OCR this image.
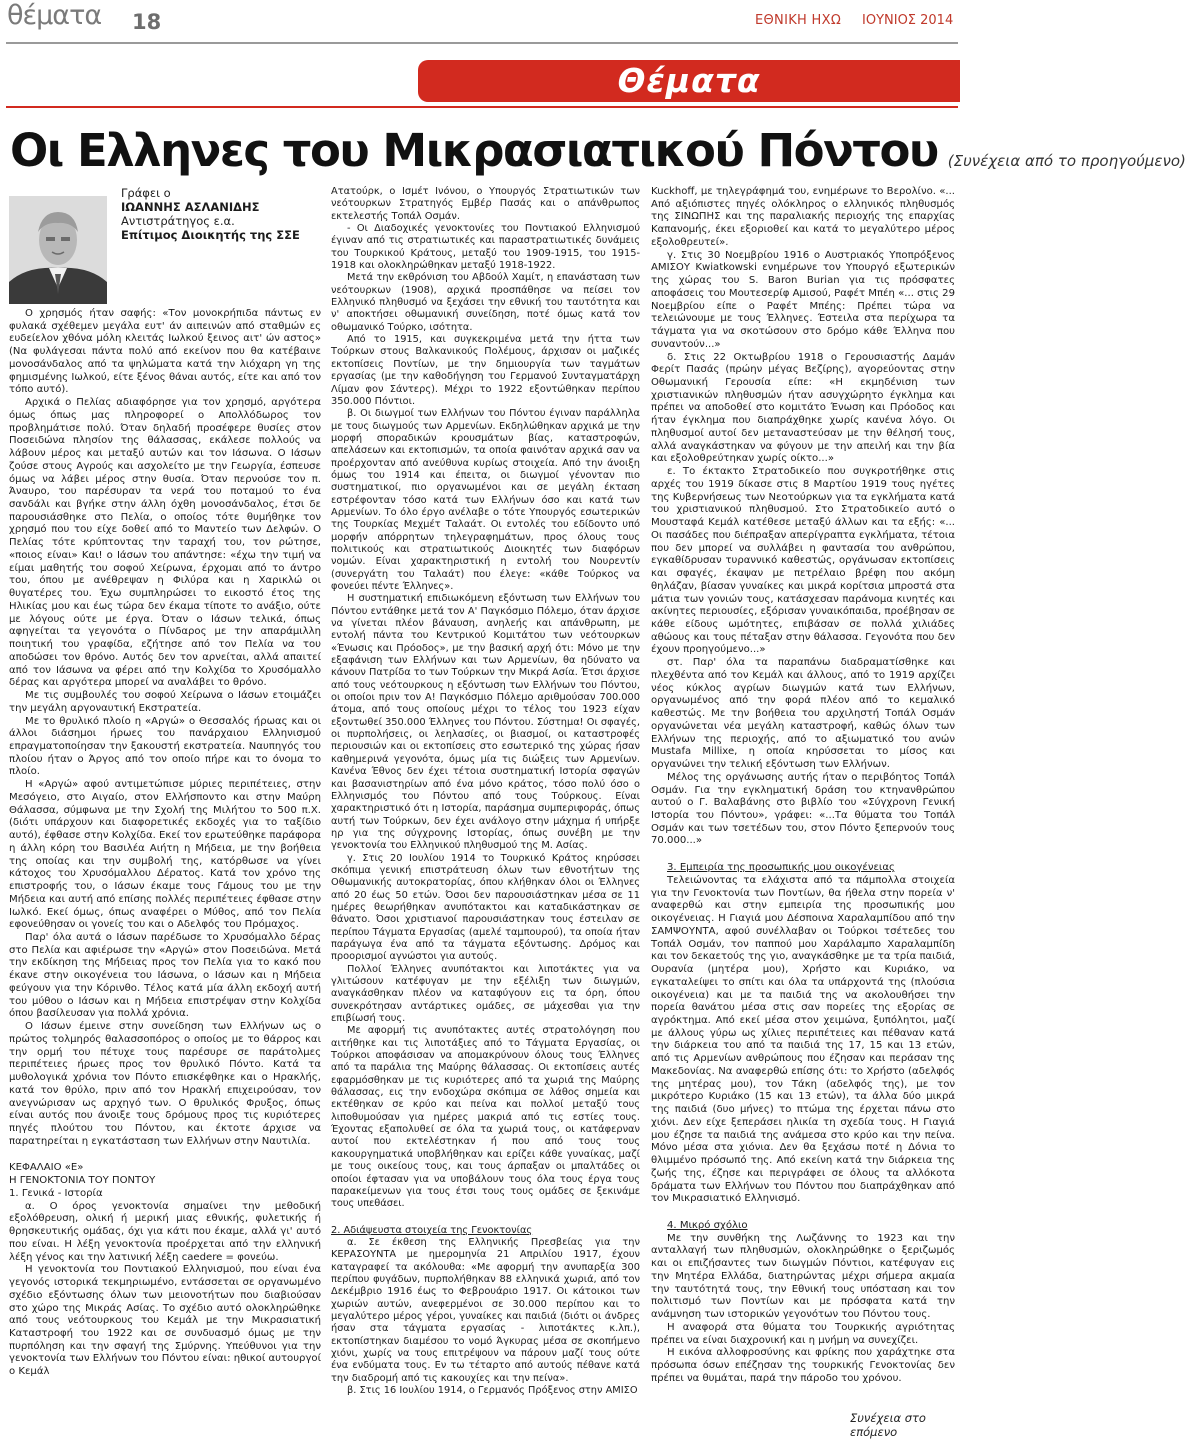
θέματα 18	ΕΘΝΙΚΗ ΗΧΩ ΙΟΥΝΙΟΣ 2014
Θέματα
Οι Ελληνες του Μικρασιατικού Πόντου (Συνέχεια από το προηγούμενο)
Γράφει ο
ΙΩΑΝΝΗΣ ΑΣΛΑΝΙΔΗΣ
Αντιστράτηγος ε.α.
Επίτιμος Διοικητής της ΣΣΕ

Ο χρησμός ήταν σαφής: «Τον μονοκρήπιδα πάντως εν φυλακά σχέθεμεν μεγάλα ευτ' άν αιπεινών από σταθμών ες ευδείελον χθόνα μόλη κλειτάς Ιωλκού ξεινος αιτ' ών αστος» (Να φυλάγεσαι πάντα πολύ από εκείνον που θα κατέβαινε μονοσάνδαλος από τα ψηλώματα κατά την λιόχαρη γη της φημισμένης Ιωλκού, είτε ξένος θάναι αυτός, είτε και από τον τόπο αυτό).

Αρχικά ο Πελίας αδιαφόρησε για τον χρησμό, αργότερα όμως όπως μας πληροφορεί ο Απολλόδωρος τον προβλημάτισε πολύ. Όταν δηλαδή προσέφερε θυσίες στον Ποσειδώνα πλησίον της θάλασσας, εκάλεσε πολλούς να λάβουν μέρος και μεταξύ αυτών και τον Ιάσωνα. Ο Ιάσων ζούσε στους Αγρούς και ασχολείτο με την Γεωργία, έσπευσε όμως να λάβει μέρος στην θυσία. Όταν περνούσε τον π. Άναυρο, του παρέσυραν τα νερά του ποταμού το ένα σανδάλι και βγήκε στην άλλη όχθη μονοσάνδαλος, έτσι δε παρουσιάσθηκε στο Πελία, ο οποίος τότε θυμήθηκε τον χρησμό που του είχε δοθεί από το Μαντείο των Δελφών. Ο Πελίας τότε κρύπτοντας την ταραχή του, τον ρώτησε, «ποιος είναι» Και! ο Ιάσων του απάντησε: «έχω την τιμή να είμαι μαθητής του σοφού Χείρωνα, έρχομαι από το άντρο του, όπου με ανέθρεψαν η Φιλύρα και η Χαρικλώ οι θυγατέρες του. Έχω συμπληρώσει το εικοστό έτος της Ηλικίας μου και έως τώρα δεν έκαμα τίποτε το ανάξιο, ούτε με λόγους ούτε με έργα. Όταν ο Ιάσων τελικά, όπως αφηγείται τα γεγονότα ο Πίνδαρος με την απαράμιλλη ποιητική του γραφίδα, εζήτησε από τον Πελία να του αποδώσει τον θρόνο. Αυτός δεν τον αρνείται, αλλά απαιτεί από τον Ιάσωνα να φέρει από την Κολχίδα το Χρυσόμαλλο δέρας και αργότερα μπορεί να αναλάβει το θρόνο.

Με τις συμβουλές του σοφού Χείρωνα ο Ιάσων ετοιμάζει την μεγάλη αργοναυτική Εκστρατεία.

Με το θρυλικό πλοίο η «Αργώ» ο Θεσσαλός ήρωας και οι άλλοι διάσημοι ήρωες του πανάρχαιου Ελληνισμού επραγματοποίησαν την ξακουστή εκστρατεία. Ναυπηγός του πλοίου ήταν ο Άργος από τον οποίο πήρε και το όνομα το πλοίο.

Η «Αργώ» αφού αντιμετώπισε μύριες περιπέτειες, στην Μεσόγειο, στο Αιγαίο, στον Ελλήσποντο και στην Μαύρη Θάλασσα, σύμφωνα με την Σχολή της Μιλήτου το 500 π.Χ. (διότι υπάρχουν και διαφορετικές εκδοχές για το ταξίδιο αυτό), έφθασε στην Κολχίδα. Εκεί τον ερωτεύθηκε παράφορα η άλλη κόρη του Βασιλέα Αιήτη η Μήδεια, με την βοήθεια της οποίας και την συμβολή της, κατόρθωσε να γίνει κάτοχος του Χρυσόμαλλου Δέρατος. Κατά τον χρόνο της επιστροφής του, ο Ιάσων έκαμε τους Γάμους του με την Μήδεια και αυτή από επίσης πολλές περιπέτειες έφθασε στην Ιωλκό. Εκεί όμως, όπως αναφέρει ο Μύθος, από τον Πελία εφονεύθησαν οι γονείς του και ο Αδελφός του Πρόμαχος.

Παρ' όλα αυτά ο Ιάσων παρέδωσε το Χρυσόμαλλο δέρας στο Πελία και αφιέρωσε την «Αργώ» στον Ποσειδώνα. Μετά την εκδίκηση της Μήδειας προς τον Πελία για το κακό που έκανε στην οικογένεια του Ιάσωνα, ο Ιάσων και η Μήδεια φεύγουν για την Κόρινθο. Τέλος κατά μία άλλη εκδοχή αυτή του μύθου ο Ιάσων και η Μήδεια επιστρέψαν στην Κολχίδα όπου βασίλευσαν για πολλά χρόνια.

Ο Ιάσων έμεινε στην συνείδηση των Ελλήνων ως ο πρώτος τολμηρός θαλασσοπόρος ο οποίος με το θάρρος και την ορμή του πέτυχε τους παρέσυρε σε παράτολμες περιπέτειες ήρωες προς τον θρυλικό Πόντο. Κατά τα μυθολογικά χρόνια τον Πόντο επισκέφθηκε και ο Ηρακλής, κατά τον θρύλο, πριν από τον Ηρακλή επιχειρούσαν, τον ανεγνώρισαν ως αρχηγό των. Ο θρυλικός Φρυξος, όπως είναι αυτός που άνοιξε τους δρόμους προς τις κυριότερες πηγές πλούτου του Πόντου, και έκτοτε άρχισε να παρατηρείται η εγκατάσταση των Ελλήνων στην Ναυτιλία.

ΚΕΦΑΛΑΙΟ «Ε»

Η ΓΕΝΟΚΤΟΝΙΑ ΤΟΥ ΠΟΝΤΟΥ

1. Γενικά - Ιστορία

α. Ο όρος γενοκτονία σημαίνει την μεθοδική εξολόθρευση, ολική ή μερική μιας εθνικής, φυλετικής ή θρησκευτικής ομάδας, όχι για κάτι που έκαμε, αλλά γι' αυτό που είναι. Η λέξη γενοκτονία προέρχεται από την ελληνική λέξη γένος και την λατινική λέξη caedere = φονεύω.

Η γενοκτονία του Ποντιακού Ελληνισμού, που είναι ένα γεγονός ιστορικά τεκμηριωμένο, εντάσσεται σε οργανωμένο σχέδιο εξόντωσης όλων των μειονοτήτων που διαβιούσαν στο χώρο της Μικράς Ασίας. Το σχέδιο αυτό ολοκληρώθηκε από τους νεότουρκους του Κεμάλ με την Μικρασιατική Καταστροφή του 1922 και σε συνδυασμό όμως με την πυρπόληση και την σφαγή της Σμύρνης. Υπεύθυνοι για την γενοκτονία των Ελλήνων του Πόντου είναι: ηθικοί αυτουργοί ο Κεμάλ

Ατατούρκ, ο Ισμέτ Ινόνου, ο Υπουργός Στρατιωτικών των νεότουρκων Στρατηγός Εμβέρ Πασάς και ο απάνθρωπος εκτελεστής Τοπάλ Οσμάν.

- Οι Διαδοχικές γενοκτονίες του Ποντιακού Ελληνισμού έγιναν από τις στρατιωτικές και παραστρατιωτικές δυνάμεις του Τουρκικού Κράτους, μεταξύ του 1909-1915, του 1915-1918 και ολοκληρώθηκαν μεταξύ 1918-1922.

Μετά την εκθρόνιση του Αβδούλ Χαμίτ, η επανάσταση των νεότουρκων (1908), αρχικά προσπάθησε να πείσει τον Ελληνικό πληθυσμό να ξεχάσει την εθνική του ταυτότητα και ν' αποκτήσει οθωμανική συνείδηση, ποτέ όμως κατά τον οθωμανικό Τούρκο, ισότητα.

Από το 1915, και συγκεκριμένα μετά την ήττα των Τούρκων στους Βαλκανικούς Πολέμους, άρχισαν οι μαζικές εκτοπίσεις Ποντίων, με την δημιουργία των ταγμάτων εργασίας (με την καθοδήγηση του Γερμανού Συνταγματάρχη Λίμαν φον Σάντερς). Μέχρι το 1922 εξοντώθηκαν περίπου 350.000 Πόντιοι.

β. Οι διωγμοί των Ελλήνων του Πόντου έγιναν παράλληλα με τους διωγμούς των Αρμενίων. Εκδηλώθηκαν αρχικά με την μορφή σποραδικών κρουσμάτων βίας, καταστροφών, απελάσεων και εκτοπισμών, τα οποία φαινόταν αρχικά σαν να προέρχονταν από ανεύθυνα κυρίως στοιχεία. Από την άνοιξη όμως του 1914 και έπειτα, οι διωγμοί γένονταν πιο συστηματικοί, πιο οργανωμένοι και σε μεγάλη έκταση εστρέφονταν τόσο κατά των Ελλήνων όσο και κατά των Αρμενίων. Το όλο έργο ανέλαβε ο τότε Υπουργός εσωτερικών της Τουρκίας Μεχμέτ Ταλαάτ. Οι εντολές του εδίδοντο υπό μορφήν απόρρητων τηλεγραφημάτων, προς όλους τους πολιτικούς και στρατιωτικούς Διοικητές των διαφόρων νομών. Είναι χαρακτηριστική η εντολή του Νουρεντίν (συνεργάτη του Ταλαάτ) που έλεγε: «κάθε Τούρκος να φονεύει πέντε Έλληνες».

Η συστηματική επιδιωκόμενη εξόντωση των Ελλήνων του Πόντου εντάθηκε μετά τον Α' Παγκόσμιο Πόλεμο, όταν άρχισε να γίνεται πλέον βάναυση, ανηλεής και απάνθρωπη, με εντολή πάντα του Κεντρικού Κομιτάτου των νεότουρκων «Ένωσις και Πρόοδος», με την βασική αρχή ότι: Μόνο με την εξαφάνιση των Ελλήνων και των Αρμενίων, θα ηδύνατο να κάνουν Πατρίδα το των Τούρκων την Μικρά Ασία. Έτσι άρχισε από τους νεότουρκους η εξόντωση των Ελλήνων του Πόντου, οι οποίοι πριν τον Α! Παγκόσμιο Πόλεμο αριθμούσαν 700.000 άτομα, από τους οποίους μέχρι το τέλος του 1923 είχαν εξοντωθεί 350.000 Έλληνες του Πόντου. Σύστημα! Οι σφαγές, οι πυρπολήσεις, οι λεηλασίες, οι βιασμοί, οι καταστροφές περιουσιών και οι εκτοπίσεις στο εσωτερικό της χώρας ήσαν καθημερινά γεγονότα, όμως μία τις διώξεις των Αρμενίων. Κανένα Έθνος δεν έχει τέτοια συστηματική Ιστορία σφαγών και βασανιστηρίων από ένα μόνο κράτος, τόσο πολύ όσο ο Ελληνισμός του Πόντου από τους Τούρκους. Είναι χαρακτηριστικό ότι η Ιστορία, παράσημα συμπεριφοράς, όπως αυτή των Τούρκων, δεν έχει ανάλογο στην μάχημα ή υπήρξε ηρ για της σύγχρονης Ιστορίας, όπως συνέβη με την γενοκτονία του Ελληνικού πληθυσμού της Μ. Ασίας.

γ. Στις 20 Ιουλίου 1914 το Τουρκικό Κράτος κηρύσσει σκόπιμα γενική επιστράτευση όλων των εθνοτήτων της Οθωμανικής αυτοκρατορίας, όπου κλήθηκαν όλοι οι Έλληνες από 20 έως 50 ετών. Όσοι δεν παρουσιάστηκαν μέσα σε 11 ημέρες θεωρήθηκαν ανυπότακτοι και καταδικάστηκαν σε θάνατο. Όσοι χριστιανοί παρουσιάστηκαν τους έστειλαν σε περίπου Τάγματα Εργασίας (αμελέ ταμπουρού), τα οποία ήταν παράγωγα ένα από τα τάγματα εξόντωσης. Δρόμος και προορισμοί αγνώστοι για αυτούς.

Πολλοί Έλληνες ανυπότακτοι και λιποτάκτες για να γλιτώσουν κατέφυγαν με την εξέλιξη των διωγμών, αναγκάσθηκαν πλέον να καταφύγουν εις τα όρη, όπου συνεκρότησαν αντάρτικες ομάδες, σε μάχεσθαι για την επιβίωσή τους.

Με αφορμή τις ανυπότακτες αυτές στρατολόγηση που αιτήθηκε και τις λιποτάξιες από το Τάγματα Εργασίας, οι Τούρκοι αποφάσισαν να απομακρύνουν όλους τους Έλληνες από τα παράλια της Μαύρης θάλασσας. Οι εκτοπίσεις αυτές εφαρμόσθηκαν με τις κυριότερες από τα χωριά της Μαύρης θάλασσας, εις την ενδοχώρα σκόπιμα σε λάθος σημεία και εκτέθηκαν σε κρύο και πείνα και πολλοί μεταξύ τους λιποθυμούσαν για ημέρες μακριά από τις εστίες τους. Έχοντας εξαπολυθεί σε όλα τα χωριά τους, οι κατάφερναν αυτοί που εκτελέστηκαν ή που από τους τους κακουργηματικά υποβλήθηκαν και ερίζει κάθε γυναίκας, μαζί με τους οικείους τους, και τους άρπαξαν οι μπαλτάδες οι οποίοι έφτασαν για να υποβάλουν τους όλα τους έργα τους παρακείμενων για τους έτσι τους τους ομάδες σε ξεκινάμε τους υπεθάσει.

2. Αδιάψευστα στοιχεία της Γενοκτονίας

α. Σε έκθεση της Ελληνικής Πρεσβείας για την ΚΕΡΑΣΟΥΝΤΑ με ημερομηνία 21 Απριλίου 1917, έχουν καταγραφεί τα ακόλουθα: «Με αφορμή την ανυπαρξία 300 περίπου φυγάδων, πυρπολήθηκαν 88 ελληνικά χωριά, από τον Δεκέμβριο 1916 έως το Φεβρουάριο 1917. Οι κάτοικοι των χωριών αυτών, ανεφερμένοι σε 30.000 περίπου και το μεγαλύτερο μέρος γέροι, γυναίκες και παιδιά (διότι οι άνδρες ήσαν στα τάγματα εργασίας - λιποτάκτες κ.λπ.), εκτοπίστηκαν διαμέσου το νομό Άγκυρας μέσα σε σκοπήμενο χιόνι, χωρίς να τους επιτρέψουν να πάρουν μαζί τους ούτε ένα ενδύματα τους. Εν τω τέταρτο από αυτούς πέθανε κατά την διαδρομή από τις κακουχίες και την πείνα».

β. Στις 16 Ιουλίου 1914, ο Γερμανός Πρόξενος στην ΑΜΙΣΟ

Kuckhoff, με τηλεγράφημά του, ενημέρωνε το Βερολίνο. «... Από αξιόπιστες πηγές ολόκληρος ο ελληνικός πληθυσμός της ΣΙΝΩΠΗΣ και της παραλιακής περιοχής της επαρχίας Καπανομής, έκει εξοριοθεί και κατά το μεγαλύτερο μέρος εξολοθρευτεί».

γ. Στις 30 Νοεμβρίου 1916 ο Αυστριακός Υποπρόξενος ΑΜΙΣΟΥ Kwiatkowski ενημέρωνε τον Υπουργό εξωτερικών της χώρας του S. Baron Burian για τις πρόσφατες αποφάσεις του Μουτεσερίφ Αμισού, Ραφέτ Μπέη «... στις 29 Νοεμβρίου είπε ο Ραφέτ Μπέης: Πρέπει τώρα να τελειώνουμε με τους Έλληνες. Έστειλα στα περίχωρα τα τάγματα για να σκοτώσουν στο δρόμο κάθε Έλληνα που συναντούν...»

δ. Στις 22 Οκτωβρίου 1918 ο Γερουσιαστής Δαμάν Φερίτ Πασάς (πρώην μέγας Βεζίρης), αγορεύοντας στην Οθωμανική Γερουσία είπε: «Η εκμηδένιση των χριστιανικών πληθυσμών ήταν ασυγχώρητο έγκλημα και πρέπει να αποδοθεί στο κομιτάτο Ένωση και Πρόοδος και ήταν έγκλημα που διαπράχθηκε χωρίς κανένα λόγο. Οι πληθυσμοί αυτοί δεν μεταναστεύσαν με την θέλησή τους, αλλά αναγκάστηκαν να φύγουν με την απειλή και την βία και εξολοθρεύτηκαν χωρίς οίκτο...»

ε. Το έκτακτο Στρατοδικείο που συγκροτήθηκε στις αρχές του 1919 δίκασε στις 8 Μαρτίου 1919 τους ηγέτες της Κυβερνήσεως των Νεοτούρκων για τα εγκλήματα κατά του χριστιανικού πληθυσμού. Στο Στρατοδικείο αυτό ο Μουσταφά Κεμάλ κατέθεσε μεταξύ άλλων και τα εξής: «... Οι πασάδες που διέπραξαν απερίγραπτα εγκλήματα, τέτοια που δεν μπορεί να συλλάβει η φαντασία του ανθρώπου, εγκαθίδρυσαν τυραννικό καθεστώς, οργάνωσαν εκτοπίσεις και σφαγές, έκαψαν με πετρέλαιο βρέφη που ακόμη θηλάζαν, βίασαν γυναίκες και μικρά κορίτσια μπροστά στα μάτια των γονιών τους, κατάσχεσαν παράνομα κινητές και ακίνητες περιουσίες, εξόρισαν γυναικόπαιδα, προέβησαν σε κάθε είδους ωμότητες, επιβάσαν σε πολλά χιλιάδες αθώους και τους πέταξαν στην θάλασσα. Γεγονότα που δεν έχουν προηγούμενο...»

στ. Παρ' όλα τα παραπάνω διαδραματίσθηκε και πλεχθέντα από τον Κεμάλ και άλλους, από το 1919 αρχίζει νέος κύκλος αγρίων διωγμών κατά των Ελλήνων, οργανωμένος από την φορά πλέον από το κεμαλικό καθεστώς. Με την βοήθεια του αρχιληστή Τοπάλ Οσμάν οργανώνεται νέα μεγάλη καταστροφή, καθώς όλων των Ελλήνων της περιοχής, από το αξιωματικό του ανών Mustafa Millixe, η οποία κηρύσσεται το μίσος και οργανώνει την τελική εξόντωση των Ελλήνων.

Μέλος της οργάνωσης αυτής ήταν ο περιβόητος Τοπάλ Οσμάν. Για την εγκληματική δράση του κτηνανθρώπου αυτού ο Γ. Βαλαβάνης στο βιβλίο του «Σύγχρονη Γενική Ιστορία του Πόντου», γράφει: «...Τα θύματα του Τοπάλ Οσμάν και των τσετέδων του, στον Πόντο ξεπερνούν τους 70.000...»

3. Εμπειρία της προσωπικής μου οικογένειας

Τελειώνοντας τα ελάχιστα από τα πάμπολλα στοιχεία για την Γενοκτονία των Ποντίων, θα ήθελα στην πορεία ν' αναφερθώ και στην εμπειρία της προσωπικής μου οικογένειας. Η Γιαγιά μου Δέσποινα Χαραλαμπίδου από την ΣΑΜΨΟΥΝΤΑ, αφού συνέλλαβαν οι Τούρκοι τσέτεδες του Τοπάλ Οσμάν, τον παππού μου Χαράλαμπο Χαραλαμπίδη και τον δεκαετούς της γιο, αναγκάσθηκε με τα τρία παιδιά, Ουρανία (μητέρα μου), Χρήστο και Κυριάκο, να εγκαταλείψει το σπίτι και όλα τα υπάρχοντά της (πλούσια οικογένεια) και με τα παιδιά της να ακολουθήσει την πορεία θανάτου μέσα στις σαν πορείες της εξορίας σε αγρόκτημα. Από εκεί μέσα στον χειμώνα, ξυπόλητοι, μαζί με άλλους γύρω ως χίλιες περιπέτειες και πέθαναν κατά την διάρκεια του από τα παιδιά της 17, 15 και 13 ετών, από τις Αρμενίων ανθρώπους που έζησαν και περάσαν της Μακεδονίας. Να αναφερθώ επίσης ότι: το Χρήστο (αδελφός της μητέρας μου), τον Τάκη (αδελφός της), με τον μικρότερο Κυριάκο (15 και 13 ετών), τα άλλα δύο μικρά της παιδιά (δυο μήνες) το πτώμα της έρχεται πάνω στο χιόνι. Δεν είχε ξεπεράσει ηλικία τη σχεδία τους. Η Γιαγιά μου έζησε τα παιδιά της ανάμεσα στο κρύο και την πείνα. Μόνο μέσα στα χιόνια. Δεν θα ξεχάσω ποτέ η Δόνια το θλιμμένο πρόσωπό της. Από εκείνη κατά την διάρκεια της ζωής της, έζησε και περιγράφει σε όλους τα αλλόκοτα δράματα των Ελλήνων του Πόντου που διαπράχθηκαν από τον Μικρασιατικό Ελληνισμό.

4. Μικρό σχόλιο

Με την συνθήκη της Λωζάννης το 1923 και την ανταλλαγή των πληθυσμών, ολοκληρώθηκε ο ξεριζωμός και οι επιζήσαντες των διωγμών Πόντιοι, κατέφυγαν εις την Μητέρα Ελλάδα, διατηρώντας μέχρι σήμερα ακμαία την ταυτότητά τους, την Εθνική τους υπόσταση και τον πολιτισμό των Ποντίων και με πρόσφατα κατά την ανάμνηση των ιστορικών γεγονότων του Πόντου τους.

Η αναφορά στα θύματα του Τουρκικής αγριότητας πρέπει να είναι διαχρονική και η μνήμη να συνεχίζει.

Η εικόνα αλλοφροσύνης και φρίκης που χαράχτηκε στα πρόσωπα όσων επέζησαν της τουρκικής Γενοκτονίας δεν πρέπει να θυμάται, παρά την πάροδο του χρόνου.

Συνέχεια στο επόμενο
